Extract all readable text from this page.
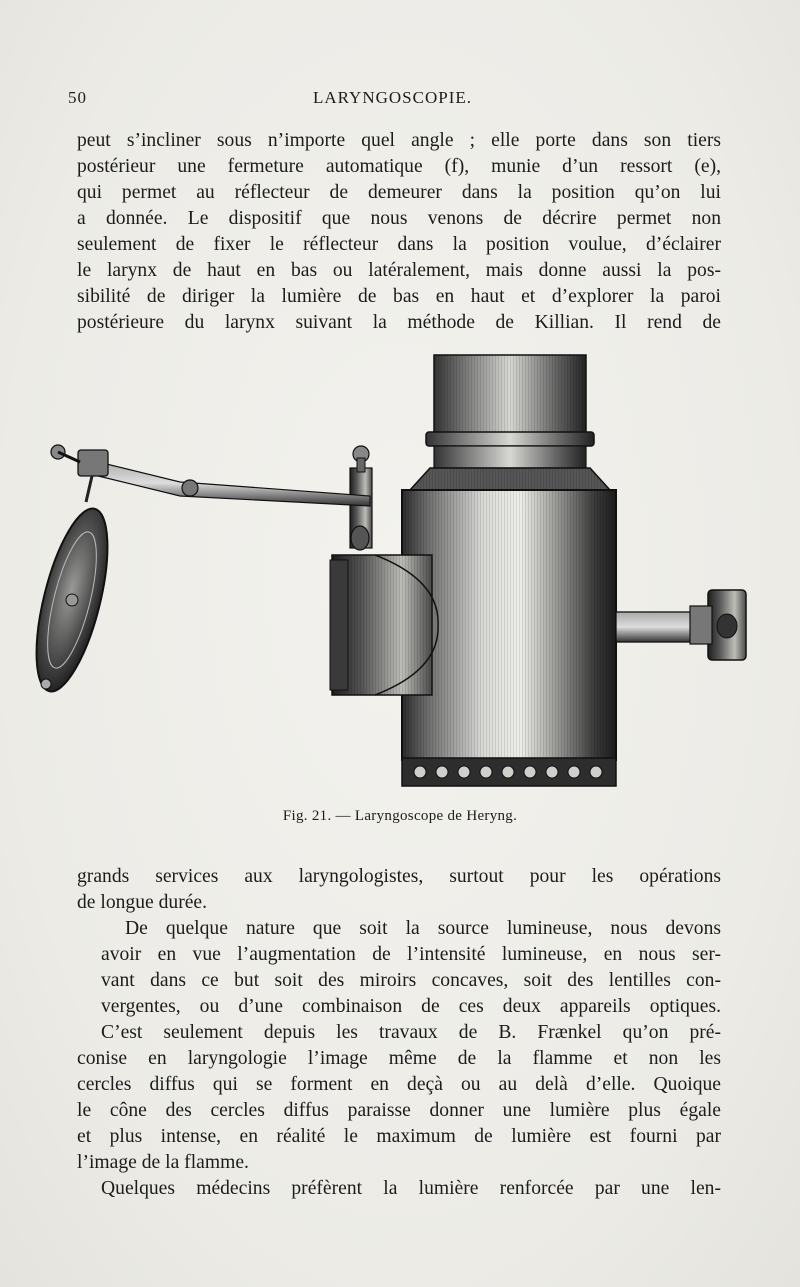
50	LARYNGOSCOPIE.
peut s’incliner sous n’importe quel angle ; elle porte dans son tiers
postérieur une fermeture automatique (f), munie d’un ressort (e),
qui permet au réflecteur de demeurer dans la position qu’on lui
a donnée. Le dispositif que nous venons de décrire permet non
seulement de fixer le réflecteur dans la position voulue, d’éclairer
le larynx de haut en bas ou latéralement, mais donne aussi la pos-
sibilité de diriger la lumière de bas en haut et d’explorer la paroi
postérieure du larynx suivant la méthode de Killian. Il rend de
Fig. 21. — Laryngoscope de Heryng.
grands services aux laryngologistes, surtout pour les opérations
de longue durée.
De quelque nature que soit la source lumineuse, nous devons
avoir en vue l’augmentation de l’intensité lumineuse, en nous ser-
vant dans ce but soit des miroirs concaves, soit des lentilles con-
vergentes, ou d’une combinaison de ces deux appareils optiques.
C’est seulement depuis les travaux de B. Frænkel qu’on pré-
conise en laryngologie l’image même de la flamme et non les
cercles diffus qui se forment en deçà ou au delà d’elle. Quoique
le cône des cercles diffus paraisse donner une lumière plus égale
et plus intense, en réalité le maximum de lumière est fourni par
l’image de la flamme.
Quelques médecins préfèrent la lumière renforcée par une len-
